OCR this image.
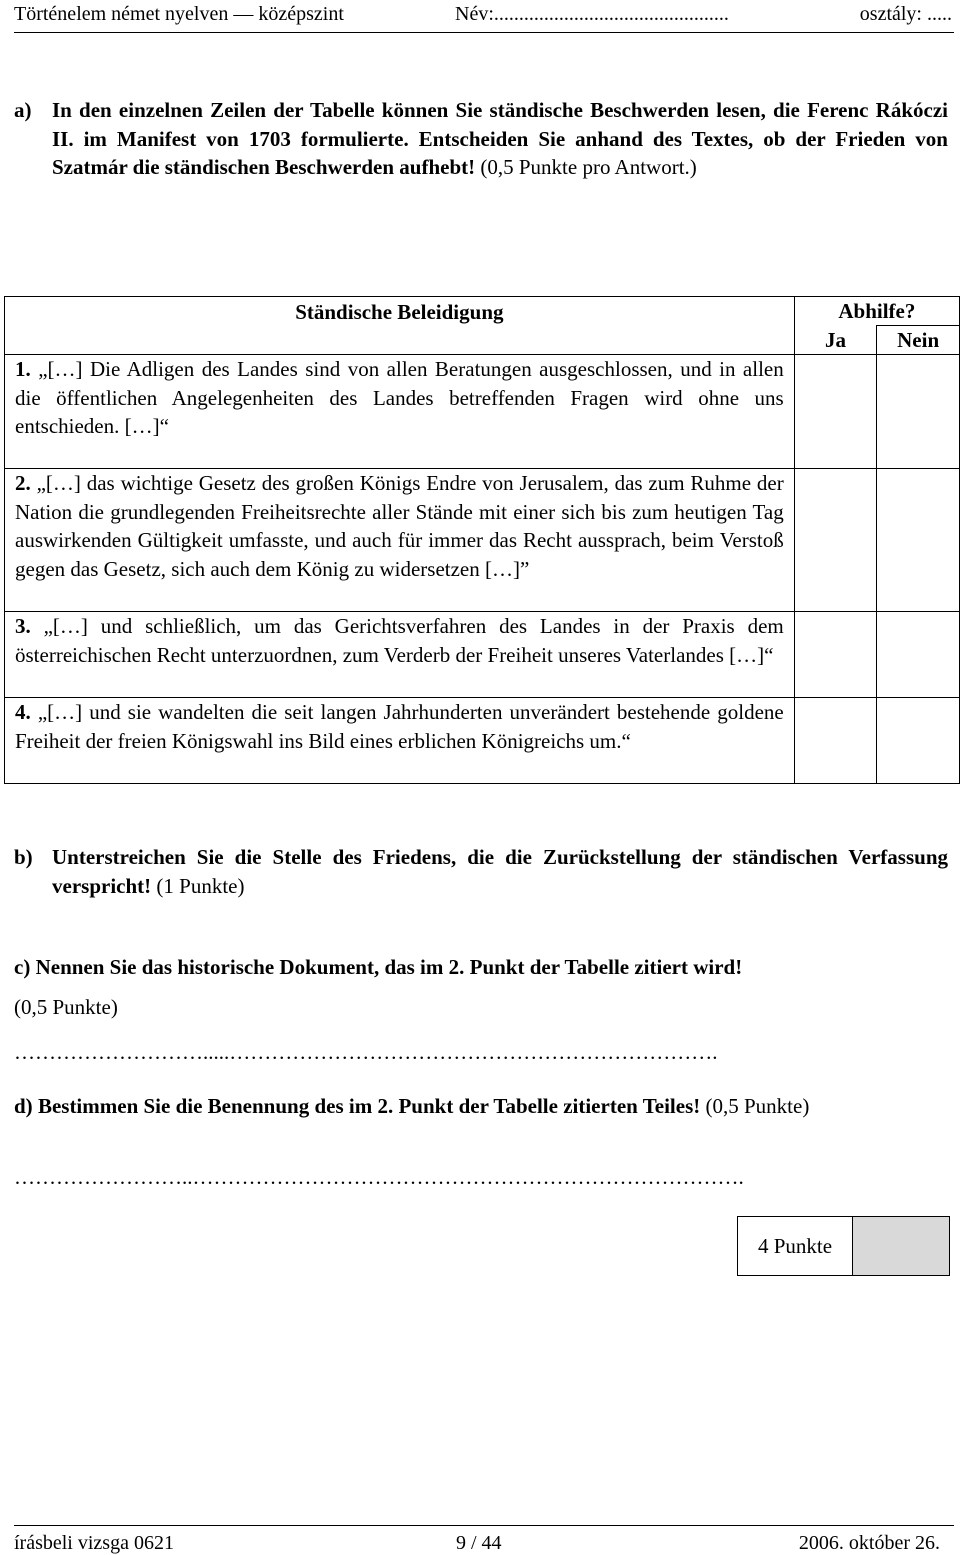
Történelem német nyelven — középszint	Név:...............................................	osztály: .....
a) In den einzelnen Zeilen der Tabelle können Sie ständische Beschwerden lesen, die Ferenc Rákóczi II. im Manifest von 1703 formulierte. Entscheiden Sie anhand des Textes, ob der Frieden von Szatmár die ständischen Beschwerden aufhebt! (0,5 Punkte pro Antwort.)
Ständische Beleidigung	Abhilfe?	

	Ja	Nein

1. „[…] Die Adligen des Landes sind von allen Beratungen ausgeschlossen, und in allen die öffentlichen Angelegenheiten des Landes betreffenden Fragen wird ohne uns entschieden. […]“		

2. „[…] das wichtige Gesetz des großen Königs Endre von Jerusalem, das zum Ruhme der Nation die grundlegenden Freiheitsrechte aller Stände mit einer sich bis zum heutigen Tag auswirkenden Gültigkeit umfasste, und auch für immer das Recht aussprach, beim Verstoß gegen das Gesetz, sich auch dem König zu widersetzen […]”		

3. „[…] und schließlich, um das Gerichtsverfahren des Landes in der Praxis dem österreichischen Recht unterzuordnen, zum Verderb der Freiheit unseres Vaterlandes […]“		

4. „[…] und sie wandelten die seit langen Jahrhunderten unverändert bestehende goldene Freiheit der freien Königswahl ins Bild eines erblichen Königreichs um.“		

b) Unterstreichen Sie die Stelle des Friedens, die die Zurückstellung der ständischen Verfassung verspricht! (1 Punkte)
c) Nennen Sie das historische Dokument, das im 2. Punkt der Tabelle zitiert wird!
(0,5 Punkte)
……………………….....…………………………………………………………….
d) Bestimmen Sie die Benennung des im 2. Punkt der Tabelle zitierten Teiles! (0,5 Punkte)
……………………..…………………………………………………………………….
4 Punkte
írásbeli vizsga 0621	9 / 44	2006. október 26.
